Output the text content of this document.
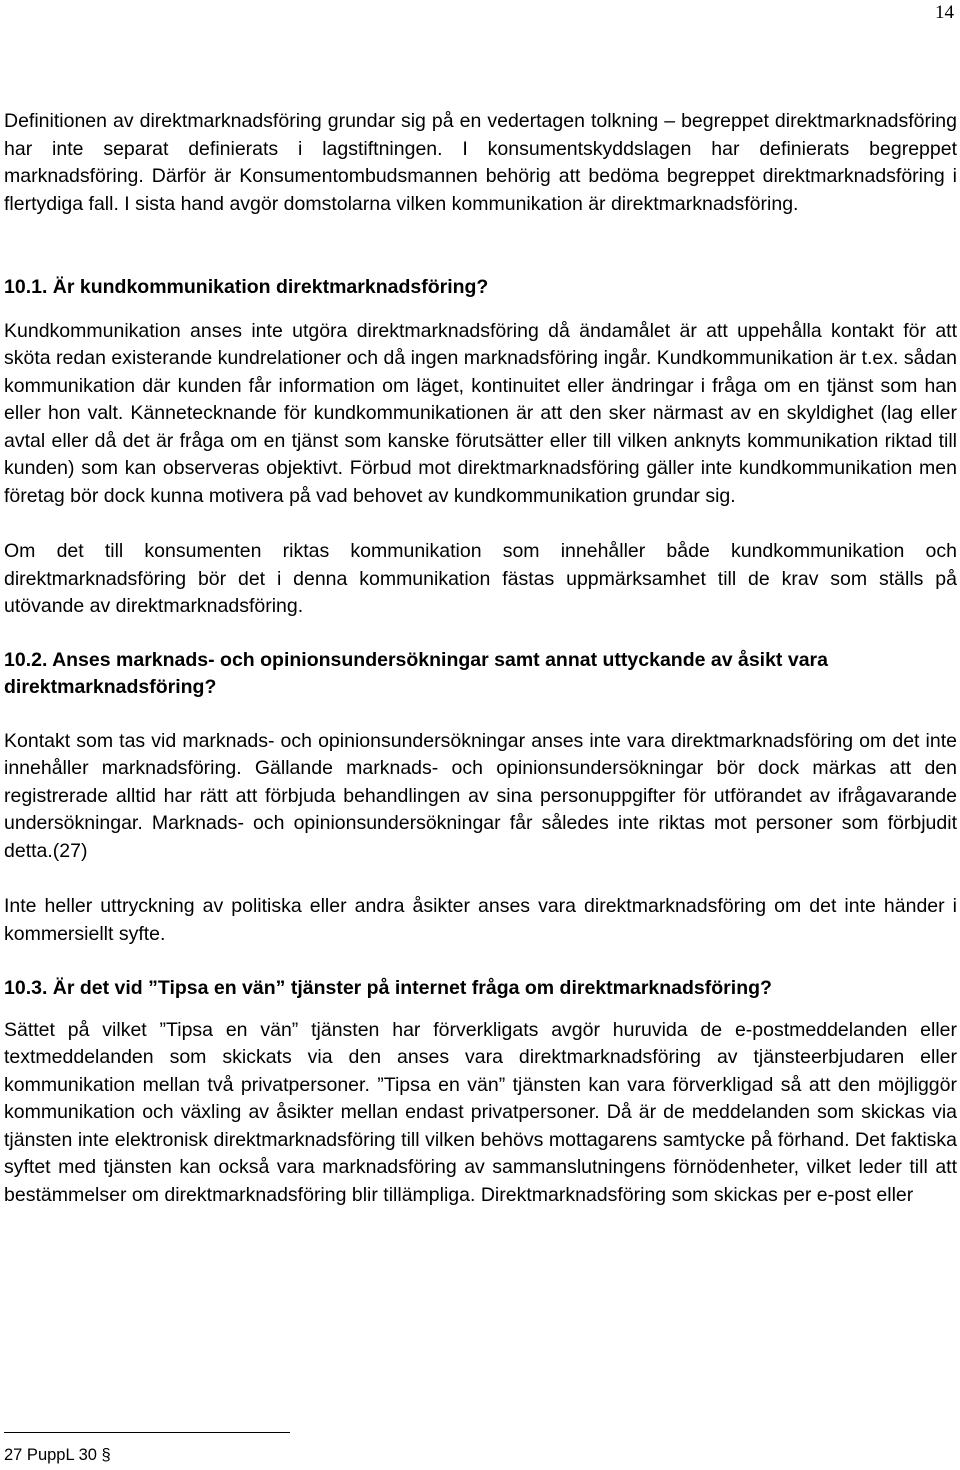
14

Definitionen av direktmarknadsföring grundar sig på en vedertagen tolkning – begreppet direktmarknadsföring har inte separat definierats i lagstiftningen. I konsumentskyddslagen har definierats begreppet marknadsföring. Därför är Konsumentombudsmannen behörig att bedöma begreppet direktmarknadsföring i flertydiga fall. I sista hand avgör domstolarna vilken kommunikation är direktmarknadsföring.

10.1. Är kundkommunikation direktmarknadsföring?

Kundkommunikation anses inte utgöra direktmarknadsföring då ändamålet är att uppehålla kontakt för att sköta redan existerande kundrelationer och då ingen marknadsföring ingår. Kundkommunikation är t.ex. sådan kommunikation där kunden får information om läget, kontinuitet eller ändringar i fråga om en tjänst som han eller hon valt. Kännetecknande för kundkommunikationen är att den sker närmast av en skyldighet (lag eller avtal eller då det är fråga om en tjänst som kanske förutsätter eller till vilken anknyts kommunikation riktad till kunden) som kan observeras objektivt. Förbud mot direktmarknadsföring gäller inte kundkommunikation men företag bör dock kunna motivera på vad behovet av kundkommunikation grundar sig.

Om det till konsumenten riktas kommunikation som innehåller både kundkommunikation och direktmarknadsföring bör det i denna kommunikation fästas uppmärksamhet till de krav som ställs på utövande av direktmarknadsföring.

10.2. Anses marknads- och opinionsundersökningar samt annat uttyckande av åsikt vara direktmarknadsföring?

Kontakt som tas vid marknads- och opinionsundersökningar anses inte vara direktmarknadsföring om det inte innehåller marknadsföring. Gällande marknads- och opinionsundersökningar bör dock märkas att den registrerade alltid har rätt att förbjuda behandlingen av sina personuppgifter för utförandet av ifrågavarande undersökningar. Marknads- och opinionsundersökningar får således inte riktas mot personer som förbjudit detta.(27)

Inte heller uttryckning av politiska eller andra åsikter anses vara direktmarknadsföring om det inte händer i kommersiellt syfte.

10.3. Är det vid ”Tipsa en vän” tjänster på internet fråga om direktmarknadsföring?

Sättet på vilket ”Tipsa en vän” tjänsten har förverkligats avgör huruvida de e-postmeddelanden eller textmeddelanden som skickats via den anses vara direktmarknadsföring av tjänsteerbjudaren eller kommunikation mellan två privatpersoner. ”Tipsa en vän” tjänsten kan vara förverkligad så att den möjliggör kommunikation och växling av åsikter mellan endast privatpersoner. Då är de meddelanden som skickas via tjänsten inte elektronisk direktmarknadsföring till vilken behövs mottagarens samtycke på förhand. Det faktiska syftet med tjänsten kan också vara marknadsföring av sammanslutningens förnödenheter, vilket leder till att bestämmelser om direktmarknadsföring blir tillämpliga. Direktmarknadsföring som skickas per e-post eller

27 PuppL 30 §
